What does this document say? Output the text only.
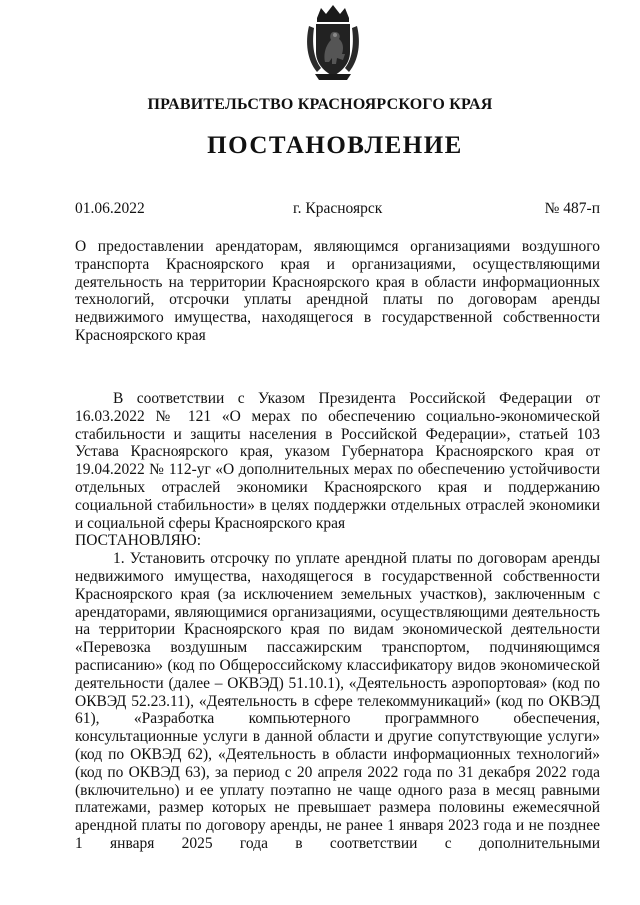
ПРАВИТЕЛЬСТВО КРАСНОЯРСКОГО КРАЯ
ПОСТАНОВЛЕНИЕ
01.06.2022	г. Красноярск	№ 487-п
О предоставлении арендаторам, являющимся организациями воздушного транспорта Красноярского края и организациями, осуществляющими деятельность на территории Красноярского края в области информационных технологий, отсрочки уплаты арендной платы по договорам аренды недвижимого имущества, находящегося в государственной собственности Красноярского края

В соответствии с Указом Президента Российской Федерации от 16.03.2022 № 121 «О мерах по обеспечению социально-экономической стабильности и защиты населения в Российской Федерации», статьей 103 Устава Красноярского края, указом Губернатора Красноярского края от 19.04.2022 № 112-уг «О дополнительных мерах по обеспечению устойчивости отдельных отраслей экономики Красноярского края и поддержанию социальной стабильности» в целях поддержки отдельных отраслей экономики и социальной сферы Красноярского края

ПОСТАНОВЛЯЮ:

1. Установить отсрочку по уплате арендной платы по договорам аренды недвижимого имущества, находящегося в государственной собственности Красноярского края (за исключением земельных участков), заключенным с арендаторами, являющимися организациями, осуществляющими деятельность на территории Красноярского края по видам экономической деятельности «Перевозка воздушным пассажирским транспортом, подчиняющимся расписанию» (код по Общероссийскому классификатору видов экономической деятельности (далее – ОКВЭД) 51.10.1), «Деятельность аэропортовая» (код по ОКВЭД 52.23.11), «Деятельность в сфере телекоммуникаций» (код по ОКВЭД 61), «Разработка компьютерного программного обеспечения, консультационные услуги в данной области и другие сопутствующие услуги» (код по ОКВЭД 62), «Деятельность в области информационных технологий» (код по ОКВЭД 63), за период с 20 апреля 2022 года по 31 декабря 2022 года (включительно) и ее уплату поэтапно не чаще одного раза в месяц равными платежами, размер которых не превышает размера половины ежемесячной арендной платы по договору аренды, не ранее 1 января 2023 года и не позднее 1 января 2025 года в соответствии с дополнительными
